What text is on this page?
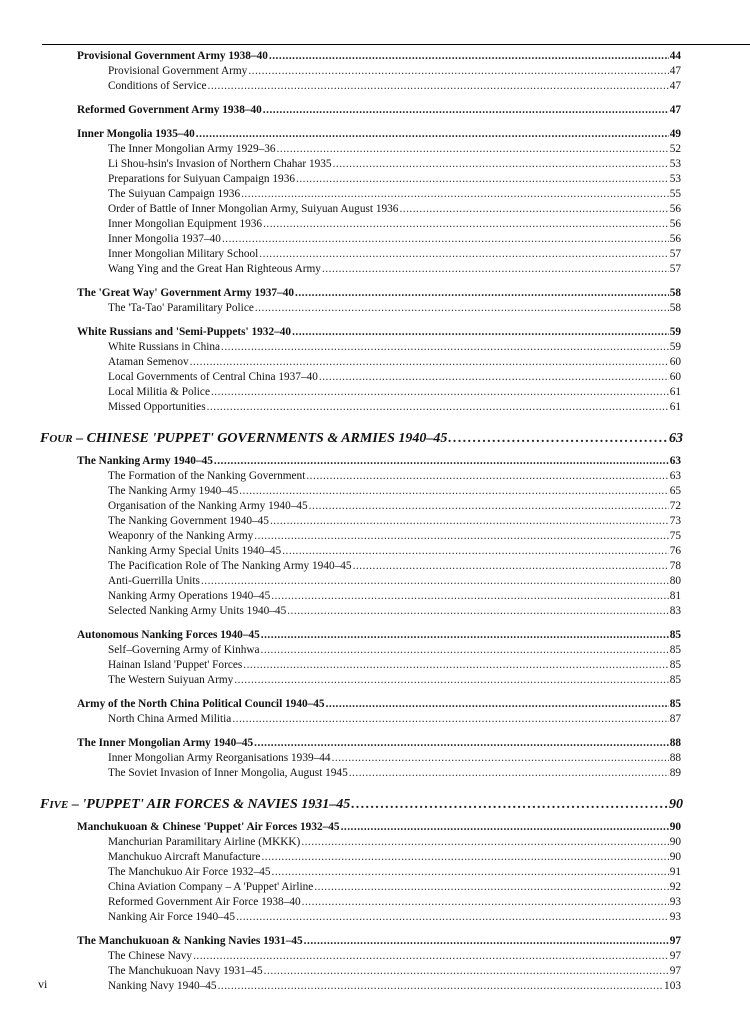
Provisional Government Army 1938–40 .....	44
Provisional Government Army .....	47
Conditions of Service .....	47
Reformed Government Army 1938–40 .....	47
Inner Mongolia 1935–40 .....	49
The Inner Mongolian Army 1929–36 .....	52
Li Shou-hsin's Invasion of Northern Chahar 1935 .....	53
Preparations for Suiyuan Campaign 1936 .....	53
The Suiyuan Campaign 1936 .....	55
Order of Battle of Inner Mongolian Army, Suiyuan August 1936 .....	56
Inner Mongolian Equipment 1936 .....	56
Inner Mongolia 1937–40 .....	56
Inner Mongolian Military School .....	57
Wang Ying and the Great Han Righteous Army .....	57
The 'Great Way' Government Army 1937–40 .....	58
The 'Ta-Tao' Paramilitary Police .....	58
White Russians and 'Semi-Puppets' 1932–40 .....	59
White Russians in China .....	59
Ataman Semenov .....	60
Local Governments of Central China 1937–40 .....	60
Local Militia & Police .....	61
Missed Opportunities .....	61
FOUR – CHINESE 'PUPPET' GOVERNMENTS & ARMIES 1940–45 .....	63
The Nanking Army 1940–45 .....	63
The Formation of the Nanking Government .....	63
The Nanking Army 1940–45 .....	65
Organisation of the Nanking Army 1940–45 .....	72
The Nanking Government 1940–45 .....	73
Weaponry of the Nanking Army .....	75
Nanking Army Special Units 1940–45 .....	76
The Pacification Role of The Nanking Army 1940–45 .....	78
Anti-Guerrilla Units .....	80
Nanking Army Operations 1940–45 .....	81
Selected Nanking Army Units 1940–45 .....	83
Autonomous Nanking Forces 1940–45 .....	85
Self–Governing Army of Kinhwa .....	85
Hainan Island 'Puppet' Forces .....	85
The Western Suiyuan Army .....	85
Army of the North China Political Council 1940–45 .....	85
North China Armed Militia .....	87
The Inner Mongolian Army 1940–45 .....	88
Inner Mongolian Army Reorganisations 1939–44 .....	88
The Soviet Invasion of Inner Mongolia, August 1945 .....	89
FIVE – 'PUPPET' AIR FORCES & NAVIES 1931–45 .....	90
Manchukuoan & Chinese 'Puppet' Air Forces 1932–45 .....	90
Manchurian Paramilitary Airline (MKKK) .....	90
Manchukuo Aircraft Manufacture .....	90
The Manchukuo Air Force 1932–45 .....	91
China Aviation Company – A 'Puppet' Airline .....	92
Reformed Government Air Force 1938–40 .....	93
Nanking Air Force 1940–45 .....	93
The Manchukuoan & Nanking Navies 1931–45 .....	97
The Chinese Navy .....	97
The Manchukuoan Navy 1931–45 .....	97
Nanking Navy 1940–45 .....	103
vi
